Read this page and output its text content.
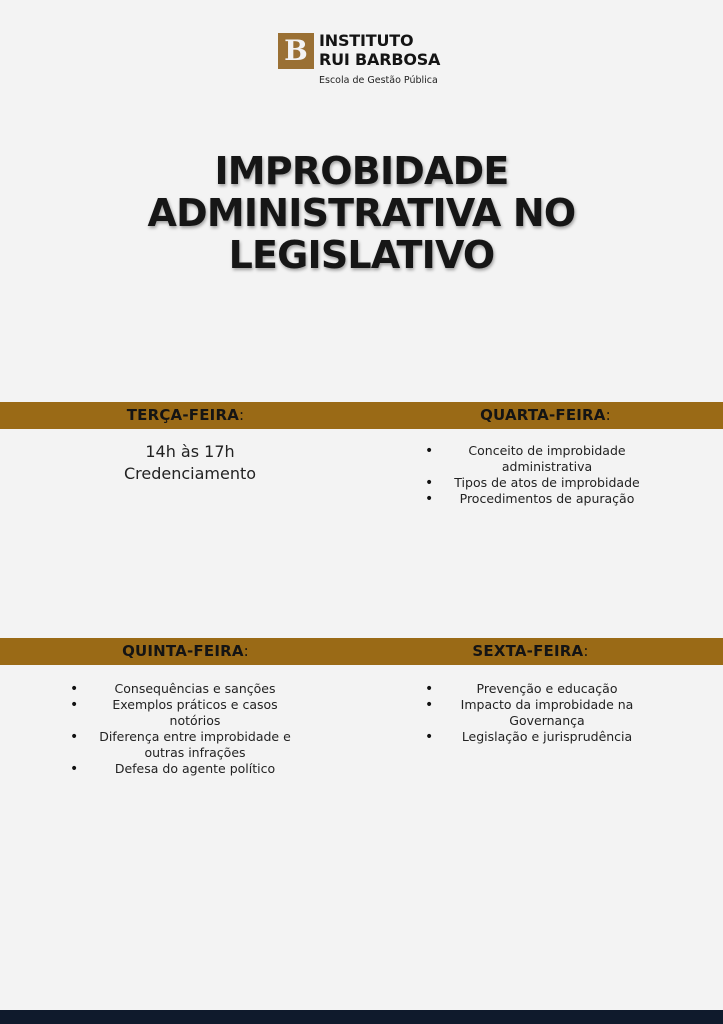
B INSTITUTO
RUI BARBOSA
Escola de Gestão Pública
IMPROBIDADE
ADMINISTRATIVA NO
LEGISLATIVO
TERÇA-FEIRA:	QUARTA-FEIRA:
14h às 17h
Credenciamento
• Conceito de improbidade administrativa
• Tipos de atos de improbidade
• Procedimentos de apuração
QUINTA-FEIRA:	SEXTA-FEIRA:
• Consequências e sanções
• Exemplos práticos e casos notórios
• Diferença entre improbidade e outras infrações
• Defesa do agente político
• Prevenção e educação
• Impacto da improbidade na Governança
• Legislação e jurisprudência
